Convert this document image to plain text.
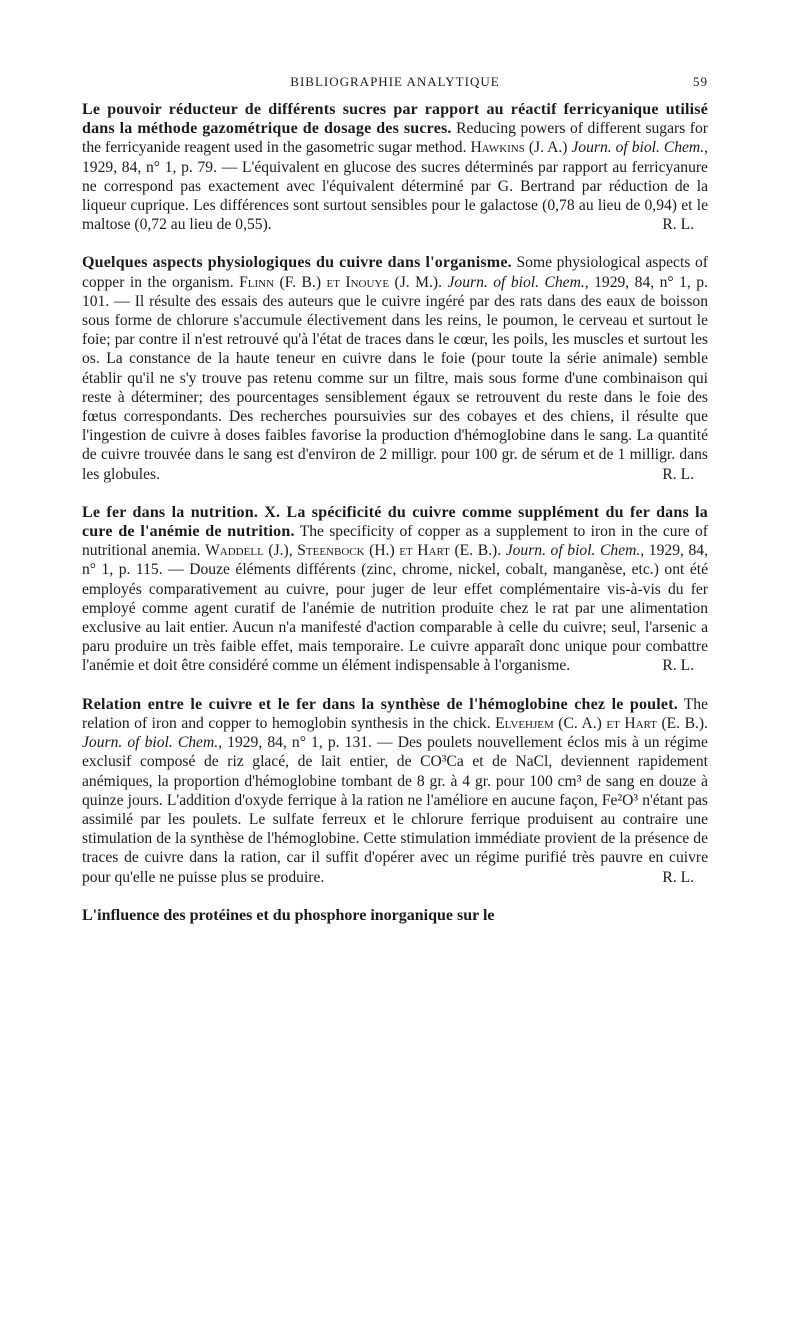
BIBLIOGRAPHIE ANALYTIQUE	59
Le pouvoir réducteur de différents sucres par rapport au réactif ferricyanique utilisé dans la méthode gazométrique de dosage des sucres. Reducing powers of different sugars for the ferricyanide reagent used in the gasometric sugar method. Hawkins (J. A.) Journ. of biol. Chem., 1929, 84, n° 1, p. 79. — L'équivalent en glucose des sucres déterminés par rapport au ferricyanure ne correspond pas exactement avec l'équivalent déterminé par G. Bertrand par réduction de la liqueur cuprique. Les différences sont surtout sensibles pour le galactose (0,78 au lieu de 0,94) et le maltose (0,72 au lieu de 0,55).	R. L.
Quelques aspects physiologiques du cuivre dans l'organisme. Some physiological aspects of copper in the organism. Flinn (F. B.) et Inouye (J. M.). Journ. of biol. Chem., 1929, 84, n° 1, p. 101. — Il résulte des essais des auteurs que le cuivre ingéré par des rats dans des eaux de boisson sous forme de chlorure s'accumule électivement dans les reins, le poumon, le cerveau et surtout le foie; par contre il n'est retrouvé qu'à l'état de traces dans le cœur, les poils, les muscles et surtout les os. La constance de la haute teneur en cuivre dans le foie (pour toute la série animale) semble établir qu'il ne s'y trouve pas retenu comme sur un filtre, mais sous forme d'une combinaison qui reste à déterminer; des pourcentages sensiblement égaux se retrouvent du reste dans le foie des fœtus correspondants. Des recherches poursuivies sur des cobayes et des chiens, il résulte que l'ingestion de cuivre à doses faibles favorise la production d'hémoglobine dans le sang. La quantité de cuivre trouvée dans le sang est d'environ de 2 milligr. pour 100 gr. de sérum et de 1 milligr. dans les globules.	R. L.
Le fer dans la nutrition. X. La spécificité du cuivre comme supplément du fer dans la cure de l'anémie de nutrition. The specificity of copper as a supplement to iron in the cure of nutritional anemia. Waddell (J.), Steenbock (H.) et Hart (E. B.). Journ. of biol. Chem., 1929, 84, n° 1, p. 115. — Douze éléments différents (zinc, chrome, nickel, cobalt, manganèse, etc.) ont été employés comparativement au cuivre, pour juger de leur effet complémentaire vis-à-vis du fer employé comme agent curatif de l'anémie de nutrition produite chez le rat par une alimentation exclusive au lait entier. Aucun n'a manifesté d'action comparable à celle du cuivre; seul, l'arsenic a paru produire un très faible effet, mais temporaire. Le cuivre apparaît donc unique pour combattre l'anémie et doit être considéré comme un élément indispensable à l'organisme.	R. L.
Relation entre le cuivre et le fer dans la synthèse de l'hémoglobine chez le poulet. The relation of iron and copper to hemoglobin synthesis in the chick. Elvehjem (C. A.) et Hart (E. B.). Journ. of biol. Chem., 1929, 84, n° 1, p. 131. — Des poulets nouvellement éclos mis à un régime exclusif composé de riz glacé, de lait entier, de CO³Ca et de NaCl, deviennent rapidement anémiques, la proportion d'hémoglobine tombant de 8 gr. à 4 gr. pour 100 cm³ de sang en douze à quinze jours. L'addition d'oxyde ferrique à la ration ne l'améliore en aucune façon, Fe²O³ n'étant pas assimilé par les poulets. Le sulfate ferreux et le chlorure ferrique produisent au contraire une stimulation de la synthèse de l'hémoglobine. Cette stimulation immédiate provient de la présence de traces de cuivre dans la ration, car il suffit d'opérer avec un régime purifié très pauvre en cuivre pour qu'elle ne puisse plus se produire.	R. L.
L'influence des protéines et du phosphore inorganique sur le
